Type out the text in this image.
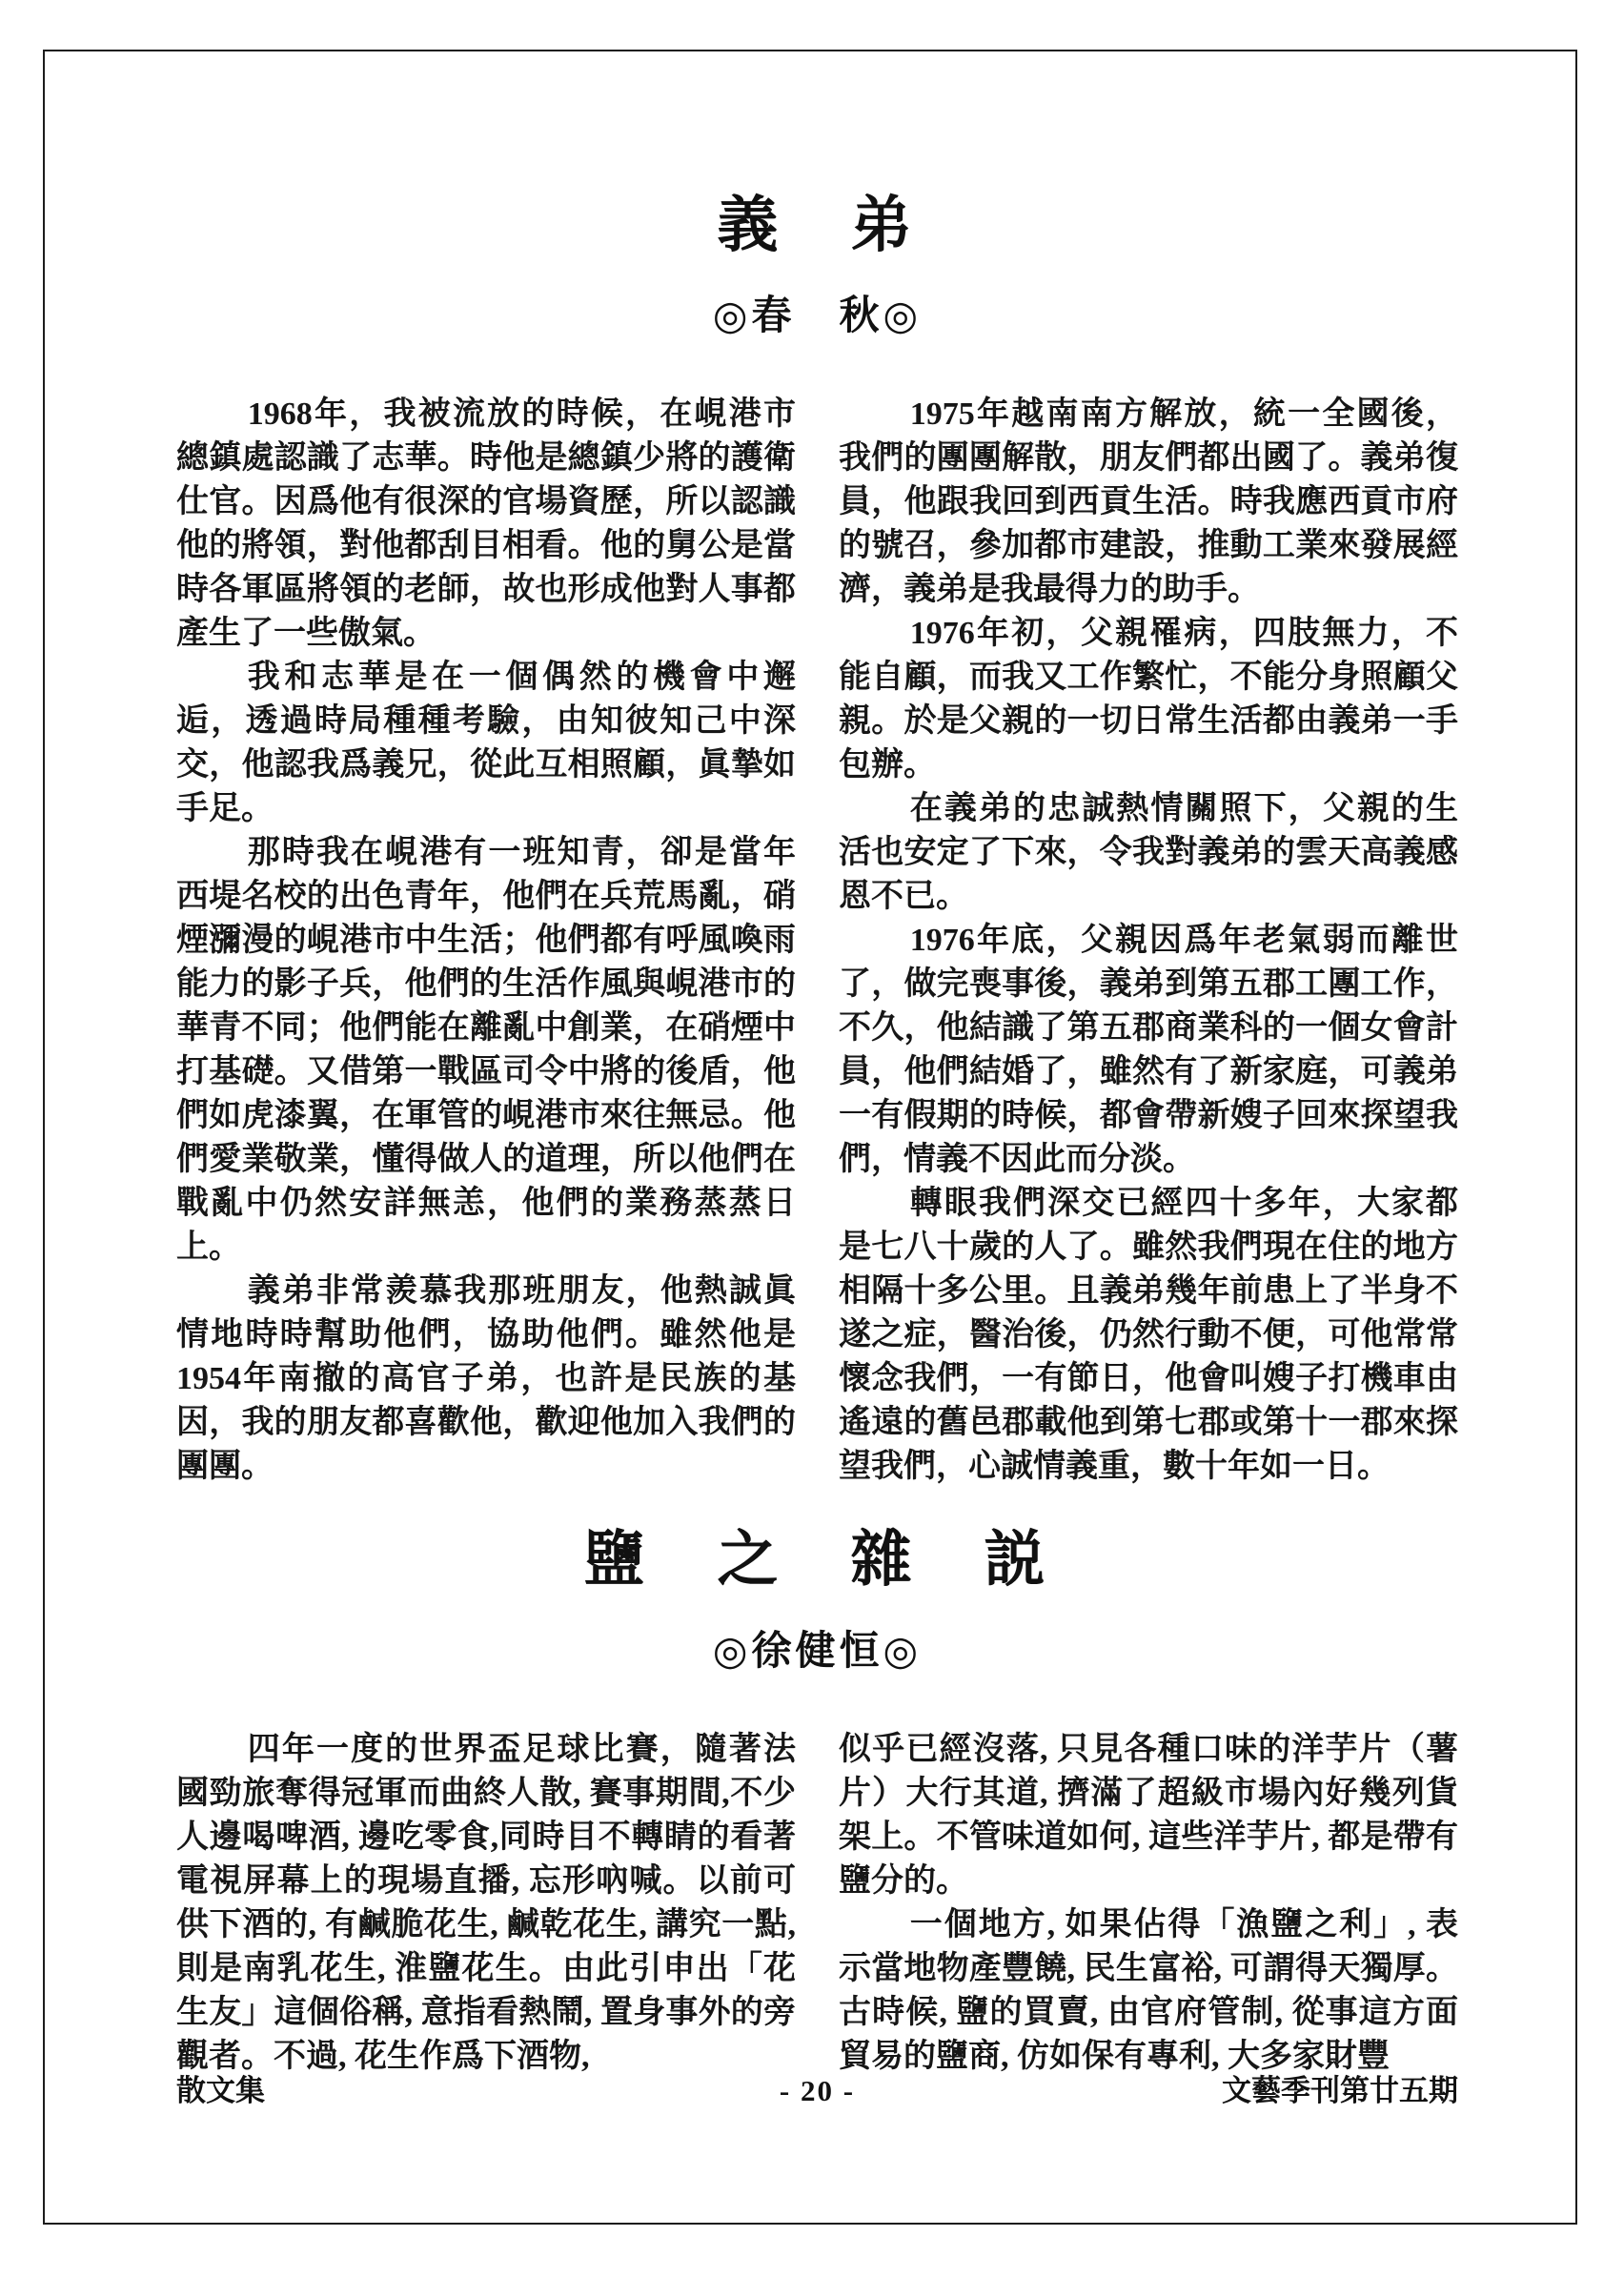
義　弟
◎春　秋◎

1968年，我被流放的時候，在峴港市總鎮處認識了志華。時他是總鎮少將的護衛仕官。因爲他有很深的官場資歷，所以認識他的將領，對他都刮目相看。他的舅公是當時各軍區將領的老師，故也形成他對人事都產生了一些傲氣。

我和志華是在一個偶然的機會中邂逅，透過時局種種考驗，由知彼知己中深交，他認我爲義兄，從此互相照顧，眞摯如手足。

那時我在峴港有一班知青，卻是當年西堤名校的出色青年，他們在兵荒馬亂，硝煙瀰漫的峴港市中生活；他們都有呼風喚雨能力的影子兵，他們的生活作風與峴港市的華青不同；他們能在離亂中創業，在硝煙中打基礎。又借第一戰區司令中將的後盾，他們如虎漆翼，在軍管的峴港市來往無忌。他們愛業敬業，懂得做人的道理，所以他們在戰亂中仍然安詳無恙，他們的業務蒸蒸日上。

義弟非常羨慕我那班朋友，他熱誠眞情地時時幫助他們，協助他們。雖然他是1954年南撤的高官子弟，也許是民族的基因，我的朋友都喜歡他，歡迎他加入我們的團團。

1975年越南南方解放，統一全國後，我們的團團解散，朋友們都出國了。義弟復員，他跟我回到西貢生活。時我應西貢市府的號召，參加都市建設，推動工業來發展經濟，義弟是我最得力的助手。

1976年初，父親罹病，四肢無力，不能自顧，而我又工作繁忙，不能分身照顧父親。於是父親的一切日常生活都由義弟一手包辦。

在義弟的忠誠熱情關照下，父親的生活也安定了下來，令我對義弟的雲天高義感恩不已。

1976年底，父親因爲年老氣弱而離世了，做完喪事後，義弟到第五郡工團工作，不久，他結識了第五郡商業科的一個女會計員，他們結婚了，雖然有了新家庭，可義弟一有假期的時候，都會帶新嫂子回來探望我們，情義不因此而分淡。

轉眼我們深交已經四十多年，大家都是七八十歲的人了。雖然我們現在住的地方相隔十多公里。且義弟幾年前患上了半身不遂之症，醫治後，仍然行動不便，可他常常懷念我們，一有節日，他會叫嫂子打機車由遙遠的舊邑郡載他到第七郡或第十一郡來探望我們，心誠情義重，數十年如一日。

鹽　之　雜　説
◎徐健恒◎

四年一度的世界盃足球比賽，隨著法國勁旅奪得冠軍而曲終人散, 賽事期間,不少人邊喝啤酒, 邊吃零食,同時目不轉睛的看著電視屏幕上的現場直播, 忘形吶喊。以前可供下酒的, 有鹹脆花生, 鹹乾花生, 講究一點, 則是南乳花生, 淮鹽花生。由此引申出「花生友」這個俗稱, 意指看熱鬧, 置身事外的旁觀者。不過, 花生作爲下酒物,

似乎已經沒落, 只見各種口味的洋芋片（薯片）大行其道, 擠滿了超級市場內好幾列貨架上。不管味道如何, 這些洋芋片, 都是帶有鹽分的。

一個地方, 如果佔得「漁鹽之利」, 表示當地物產豐饒, 民生富裕, 可謂得天獨厚。古時候, 鹽的買賣, 由官府管制, 從事這方面貿易的鹽商, 仿如保有專利, 大多家財豐

散文集	- 20 -	文藝季刊第廿五期
